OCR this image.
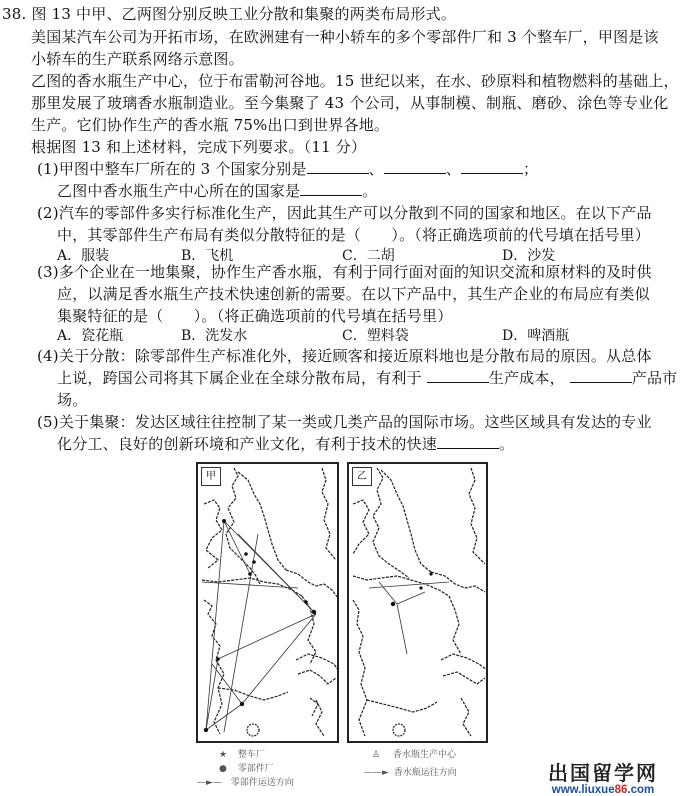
38. 图 13 中甲、乙两图分别反映工业分散和集聚的两类布局形式。
美国某汽车公司为开拓市场，在欧洲建有一种小轿车的多个零部件厂和 3 个整车厂，甲图是该
小轿车的生产联系网络示意图。
乙图的香水瓶生产中心，位于布雷勒河谷地。15 世纪以来，在水、砂原料和植物燃料的基础上，
那里发展了玻璃香水瓶制造业。至今集聚了 43 个公司，从事制模、制瓶、磨砂、涂色等专业化
生产。它们协作生产的香水瓶 75%出口到世界各地。
根据图 13 和上述材料，完成下列要求。（11 分）
(1)甲图中整车厂所在的 3 个国家分别是	、	、	；
乙图中香水瓶生产中心所在的国家是	。
(2)汽车的零部件多实行标准化生产，因此其生产可以分散到不同的国家和地区。在以下产品
中，其零部件生产布局有类似分散特征的是（　　）。（将正确选项前的代号填在括号里）
A．服装	B．飞机	C．二胡	D．沙发
(3)多个企业在一地集聚，协作生产香水瓶，有利于同行面对面的知识交流和原材料的及时供
应，以满足香水瓶生产技术快速创新的需要。在以下产品中，其生产企业的布局应有类似
集聚特征的是（　　）。（将正确选项前的代号填在括号里）
A．瓷花瓶	B．洗发水	C．塑料袋	D．啤酒瓶
(4)关于分散：除零部件生产标准化外，接近顾客和接近原料地也是分散布局的原因。从总体
上说，跨国公司将其下属企业在全球分散布局，有利于	生产成本，	产品市
场。
(5)关于集聚：发达区域往往控制了某一类或几类产品的国际市场。这些区域具有发达的专业
化分工、良好的创新环境和产业文化，有利于技术的快速	。
甲	乙
★ 整车厂
● 零部件厂
—►— 零部件运送方向
♙ 香水瓶生产中心
——► 香水瓶运往方向	出国留学网
www.liuxue86.com
